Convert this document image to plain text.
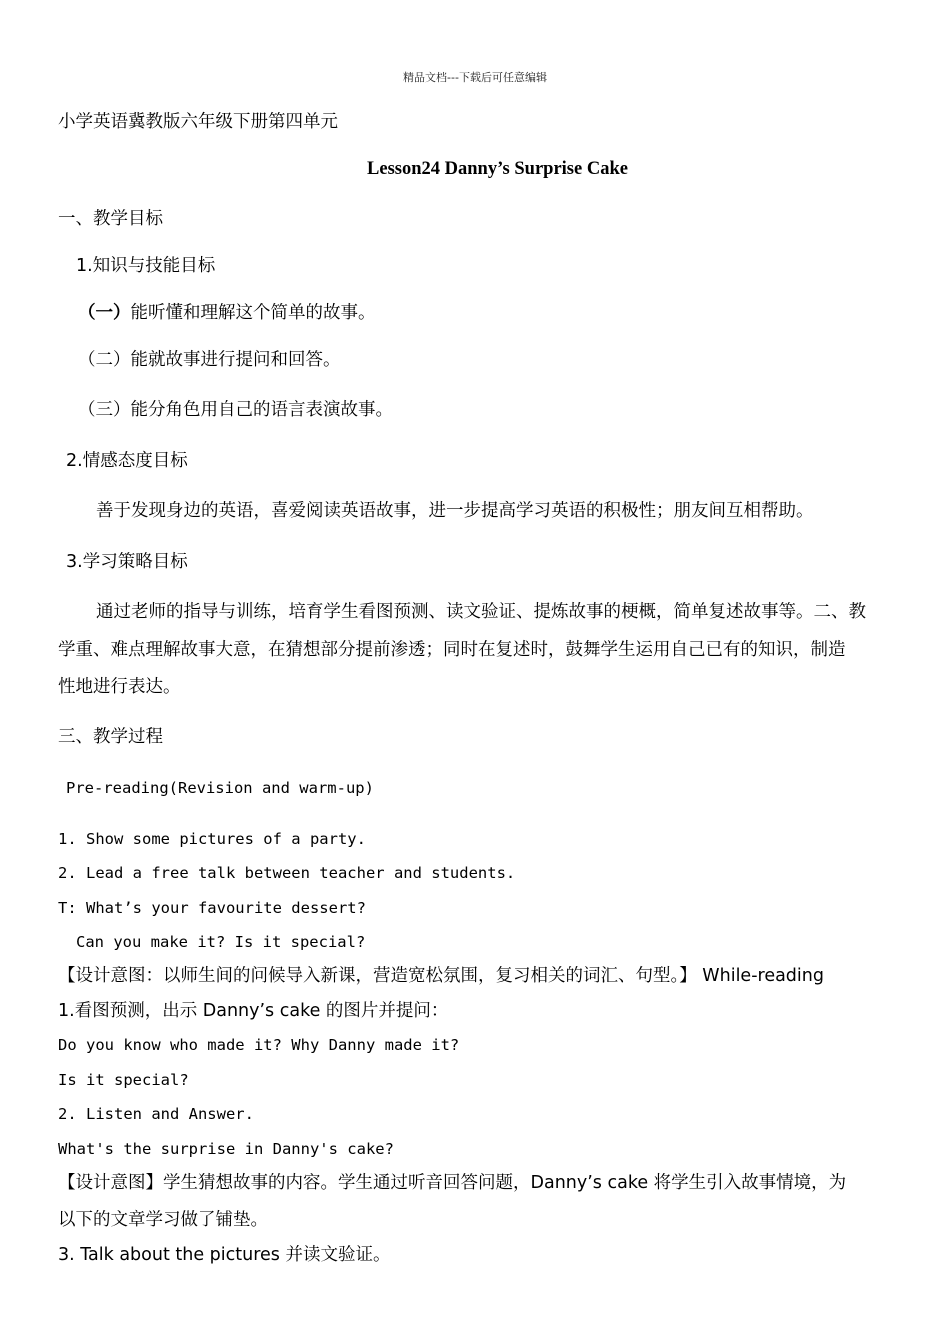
精品文档---下载后可任意编辑
小学英语冀教版六年级下册第四单元
Lesson24 Danny’s Surprise Cake
一、教学目标
1.知识与技能目标
（一）能听懂和理解这个简单的故事。
（二）能就故事进行提问和回答。
（三）能分角色用自己的语言表演故事。
2.情感态度目标
善于发现身边的英语，喜爱阅读英语故事，进一步提高学习英语的积极性；朋友间互相帮助。
3.学习策略目标
通过老师的指导与训练，培育学生看图预测、读文验证、提炼故事的梗概，简单复述故事等。二、教
学重、难点理解故事大意，在猜想部分提前渗透；同时在复述时，鼓舞学生运用自己已有的知识，制造
性地进行表达。
三、教学过程
Pre-reading(Revision and warm-up)
1. Show some pictures of a party.
2. Lead a free talk between teacher and students.
T: What’s your favourite dessert?
Can you make it? Is it special?
【设计意图：以师生间的问候导入新课，营造宽松氛围，复习相关的词汇、句型。】 While-reading
1.看图预测，出示 Danny’s cake 的图片并提问：
Do you know who made it? Why Danny made it?
Is it special?
2. Listen and Answer.
What's the surprise in Danny's cake?
【设计意图】学生猜想故事的内容。学生通过听音回答问题，Danny’s cake 将学生引入故事情境，为
以下的文章学习做了铺垫。
3. Talk about the pictures 并读文验证。
